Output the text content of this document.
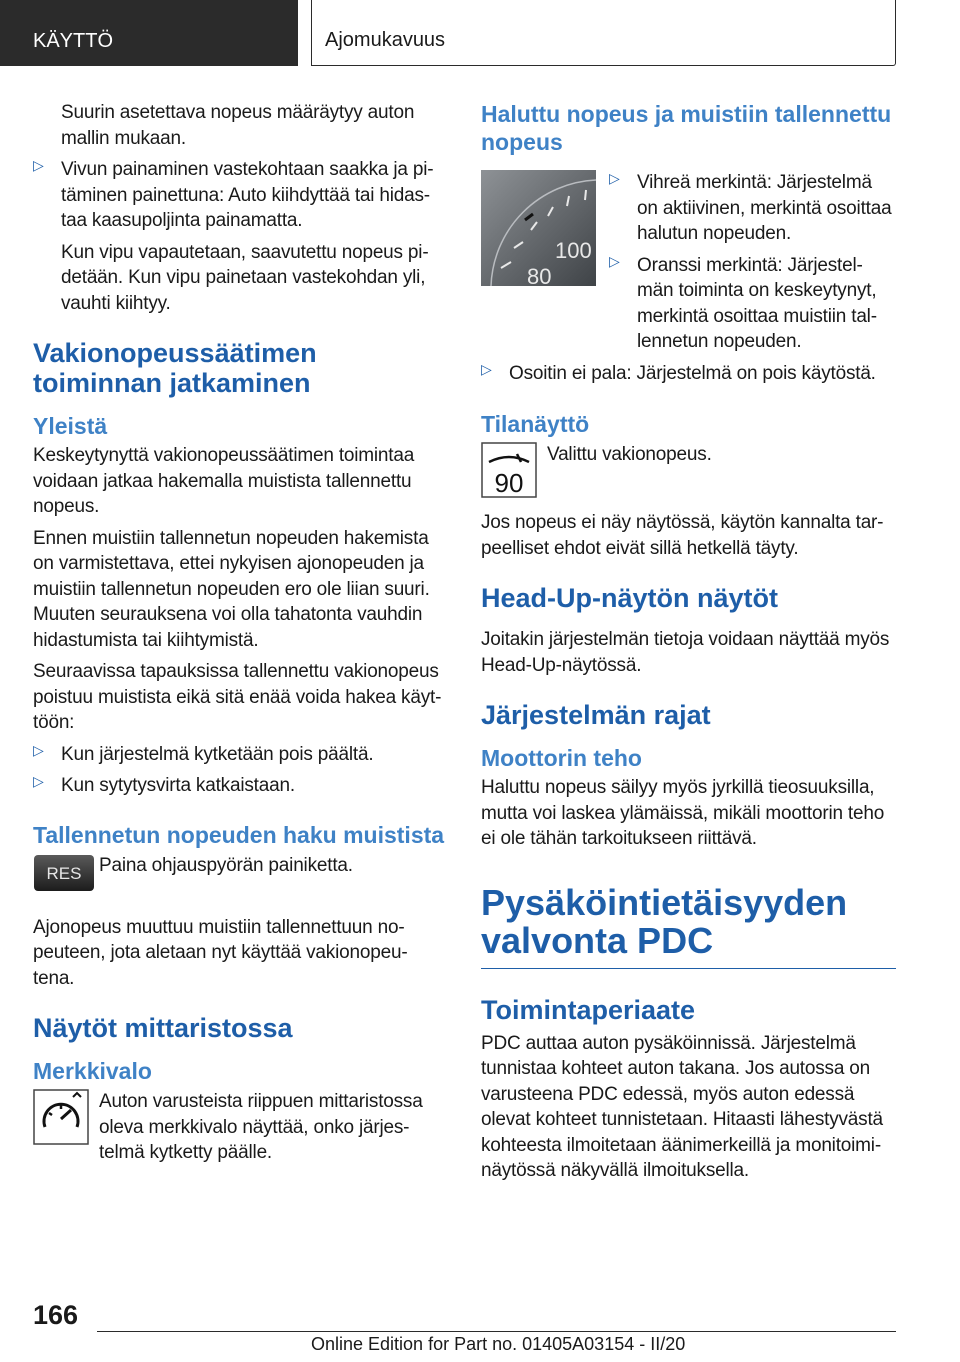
KÄYTTÖ	Ajomukavuus

Suurin asetettava nopeus määräytyy auton mallin mukaan.

▷ Vivun painaminen vastekohtaan saakka ja pi-täminen painettuna: Auto kiihdyttää tai hidas-taa kaasupoljinta painamatta.

Kun vipu vapautetaan, saavutettu nopeus pi-detään. Kun vipu painetaan vastekohdan yli, vauhti kiihtyy.

Vakionopeussäätimen toiminnan jatkaminen
Yleistä

Keskeytynyttä vakionopeussäätimen toimintaa voidaan jatkaa hakemalla muistista tallennettu nopeus.

Ennen muistiin tallennetun nopeuden hakemista on varmistettava, ettei nykyisen ajonopeuden ja muistiin tallennetun nopeuden ero ole liian suuri. Muuten seurauksena voi olla tahatonta vauhdin hidastumista tai kiihtymistä.

Seuraavissa tapauksissa tallennettu vakionopeus poistuu muistista eikä sitä enää voida hakea käyt-töön:

▷ Kun järjestelmä kytketään pois päältä.

▷ Kun sytytysvirta katkaistaan.

Tallennetun nopeuden haku muistista
RES Paina ohjauspyörän painiketta.

Ajonopeus muuttuu muistiin tallennettuun no-peuteen, jota aletaan nyt käyttää vakionopeu-tena.

Näytöt mittaristossa
Merkkivalo

Auton varusteista riippuen mittaristossa oleva merkkivalo näyttää, onko järjes-telmä kytketty päälle.

Haluttu nopeus ja muistiin tallennettu nopeus
100
80
▷ Vihreä merkintä: Järjestelmä on aktiivinen, merkintä osoittaa halutun nopeuden.

▷ Oranssi merkintä: Järjestel-män toiminta on keskeytynyt, merkintä osoittaa muistiin tal-lennetun nopeuden.

▷ Osoitin ei pala: Järjestelmä on pois käytöstä.

Tilanäyttö
90

Valittu vakionopeus.

Jos nopeus ei näy näytössä, käytön kannalta tar-peelliset ehdot eivät sillä hetkellä täyty.

Head-Up-näytön näytöt

Joitakin järjestelmän tietoja voidaan näyttää myös Head-Up-näytössä.

Järjestelmän rajat
Moottorin teho

Haluttu nopeus säilyy myös jyrkillä tieosuuksilla, mutta voi laskea ylämäissä, mikäli moottorin teho ei ole tähän tarkoitukseen riittävä.

Pysäköintietäisyyden valvonta PDC
Toimintaperiaate

PDC auttaa auton pysäköinnissä. Järjestelmä tunnistaa kohteet auton takana. Jos autossa on varusteena PDC edessä, myös auton edessä olevat kohteet tunnistetaan. Hitaasti lähestyvästä kohteesta ilmoitetaan äänimerkeillä ja monitoimi-näytössä näkyvällä ilmoituksella.

166
Online Edition for Part no. 01405A03154 - II/20
